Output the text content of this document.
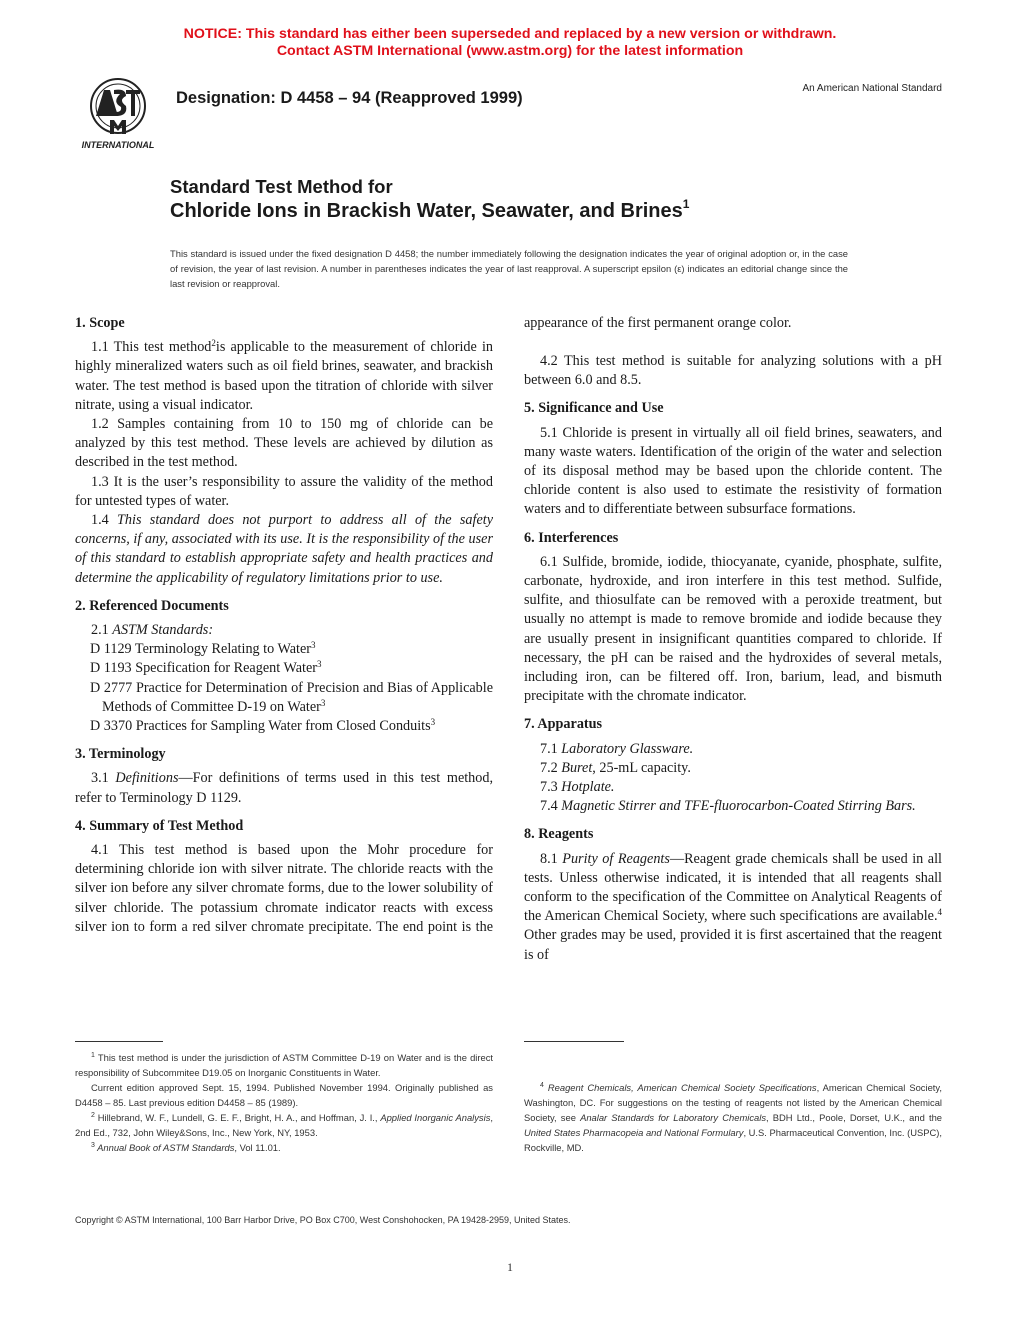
NOTICE: This standard has either been superseded and replaced by a new version or withdrawn.
Contact ASTM International (www.astm.org) for the latest information
INTERNATIONAL
Designation: D 4458 – 94 (Reapproved 1999)
An American National Standard
Standard Test Method for
Chloride Ions in Brackish Water, Seawater, and Brines$^1$
This standard is issued under the fixed designation D 4458; the number immediately following the designation indicates the year of original adoption or, in the case of revision, the year of last revision. A number in parentheses indicates the year of last reapproval. A superscript epsilon (ε) indicates an editorial change since the last revision or reapproval.
1. Scope

1.1 This test method$^2$is applicable to the measurement of chloride in highly mineralized waters such as oil field brines, seawater, and brackish water. The test method is based upon the titration of chloride with silver nitrate, using a visual indicator.

1.2 Samples containing from 10 to 150 mg of chloride can be analyzed by this test method. These levels are achieved by dilution as described in the test method.

1.3 It is the user’s responsibility to assure the validity of the method for untested types of water.

1.4 This standard does not purport to address all of the safety concerns, if any, associated with its use. It is the responsibility of the user of this standard to establish appropriate safety and health practices and determine the applicability of regulatory limitations prior to use.

2. Referenced Documents

2.1 ASTM Standards:

D 1129 Terminology Relating to Water$^3$

D 1193 Specification for Reagent Water$^3$

D 2777 Practice for Determination of Precision and Bias of Applicable Methods of Committee D-19 on Water$^3$

D 3370 Practices for Sampling Water from Closed Conduits$^3$

3. Terminology

3.1 Definitions—For definitions of terms used in this test method, refer to Terminology D 1129.

4. Summary of Test Method

4.1 This test method is based upon the Mohr procedure for determining chloride ion with silver nitrate. The chloride reacts with the silver ion before any silver chromate forms, due to the lower solubility of silver chloride. The potassium chromate indicator reacts with excess silver ion to form a red silver chromate precipitate. The end point is the

appearance of the first permanent orange color.

4.2 This test method is suitable for analyzing solutions with a pH between 6.0 and 8.5.

5. Significance and Use

5.1 Chloride is present in virtually all oil field brines, seawaters, and many waste waters. Identification of the origin of the water and selection of its disposal method may be based upon the chloride content. The chloride content is also used to estimate the resistivity of formation waters and to differentiate between subsurface formations.

6. Interferences

6.1 Sulfide, bromide, iodide, thiocyanate, cyanide, phosphate, sulfite, carbonate, hydroxide, and iron interfere in this test method. Sulfide, sulfite, and thiosulfate can be removed with a peroxide treatment, but usually no attempt is made to remove bromide and iodide because they are usually present in insignificant quantities compared to chloride. If necessary, the pH can be raised and the hydroxides of several metals, including iron, can be filtered off. Iron, barium, lead, and bismuth precipitate with the chromate indicator.

7. Apparatus

7.1 Laboratory Glassware.

7.2 Buret, 25-mL capacity.

7.3 Hotplate.

7.4 Magnetic Stirrer and TFE-fluorocarbon-Coated Stirring Bars.

8. Reagents

8.1 Purity of Reagents—Reagent grade chemicals shall be used in all tests. Unless otherwise indicated, it is intended that all reagents shall conform to the specification of the Committee on Analytical Reagents of the American Chemical Society, where such specifications are available.$^4$ Other grades may be used, provided it is first ascertained that the reagent is of

$^1$ This test method is under the jurisdiction of ASTM Committee D-19 on Water and is the direct responsibility of Subcommitee D19.05 on Inorganic Constituents in Water.

Current edition approved Sept. 15, 1994. Published November 1994. Originally published as D4458 – 85. Last previous edition D4458 – 85 (1989).

$^2$ Hillebrand, W. F., Lundell, G. E. F., Bright, H. A., and Hoffman, J. I., Applied Inorganic Analysis, 2nd Ed., 732, John Wiley&Sons, Inc., New York, NY, 1953.

$^3$ Annual Book of ASTM Standards, Vol 11.01.

$^4$ Reagent Chemicals, American Chemical Society Specifications, American Chemical Society, Washington, DC. For suggestions on the testing of reagents not listed by the American Chemical Society, see Analar Standards for Laboratory Chemicals, BDH Ltd., Poole, Dorset, U.K., and the United States Pharmacopeia and National Formulary, U.S. Pharmaceutical Convention, Inc. (USPC), Rockville, MD.

Copyright © ASTM International, 100 Barr Harbor Drive, PO Box C700, West Conshohocken, PA 19428-2959, United States.
1
